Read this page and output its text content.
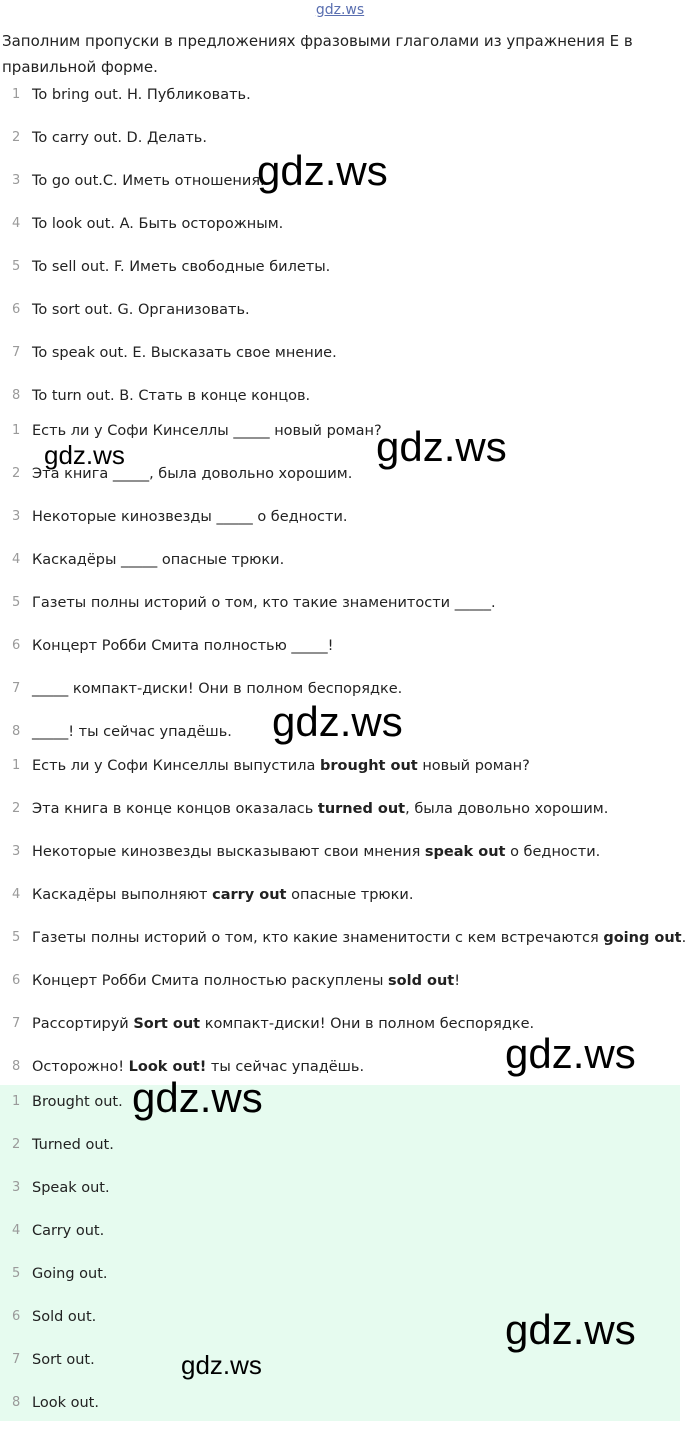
gdz.ws
Заполним пропуски в предложениях фразовыми глаголами из упражнения E в правильной форме.
1 To bring out. H. Публиковать.
2 To carry out. D. Делать.
3 To go out.C. Иметь отношения.
4 To look out. A. Быть осторожным.
5 To sell out. F. Иметь свободные билеты.
6 To sort out. G. Организовать.
7 To speak out. E. Высказать свое мнение.
8 To turn out. B. Стать в конце концов.
1 Есть ли у Софи Кинселлы _____ новый роман?
2 Эта книга _____, была довольно хорошим.
3 Некоторые кинозвезды _____ о бедности.
4 Каскадёры _____ опасные трюки.
5 Газеты полны историй о том, кто такие знаменитости _____.
6 Концерт Робби Смита полностью _____!
7 _____ компакт-диски! Они в полном беспорядке.
8 _____! ты сейчас упадёшь.
1 Есть ли у Софи Кинселлы выпустила brought out новый роман?
2 Эта книга в конце концов оказалась turned out, была довольно хорошим.
3 Некоторые кинозвезды высказывают свои мнения speak out о бедности.
4 Каскадёры выполняют carry out опасные трюки.
5 Газеты полны историй о том, кто какие знаменитости с кем встречаются going out.
6 Концерт Робби Смита полностью раскуплены sold out!
7 Рассортируй Sort out компакт-диски! Они в полном беспорядке.
8 Осторожно! Look out! ты сейчас упадёшь.
1 Brought out.
2 Turned out.
3 Speak out.
4 Carry out.
5 Going out.
6 Sold out.
7 Sort out.
8 Look out.
gdz.ws
gdz.ws
gdz.ws
gdz.ws
gdz.ws
gdz.ws
gdz.ws
gdz.ws
